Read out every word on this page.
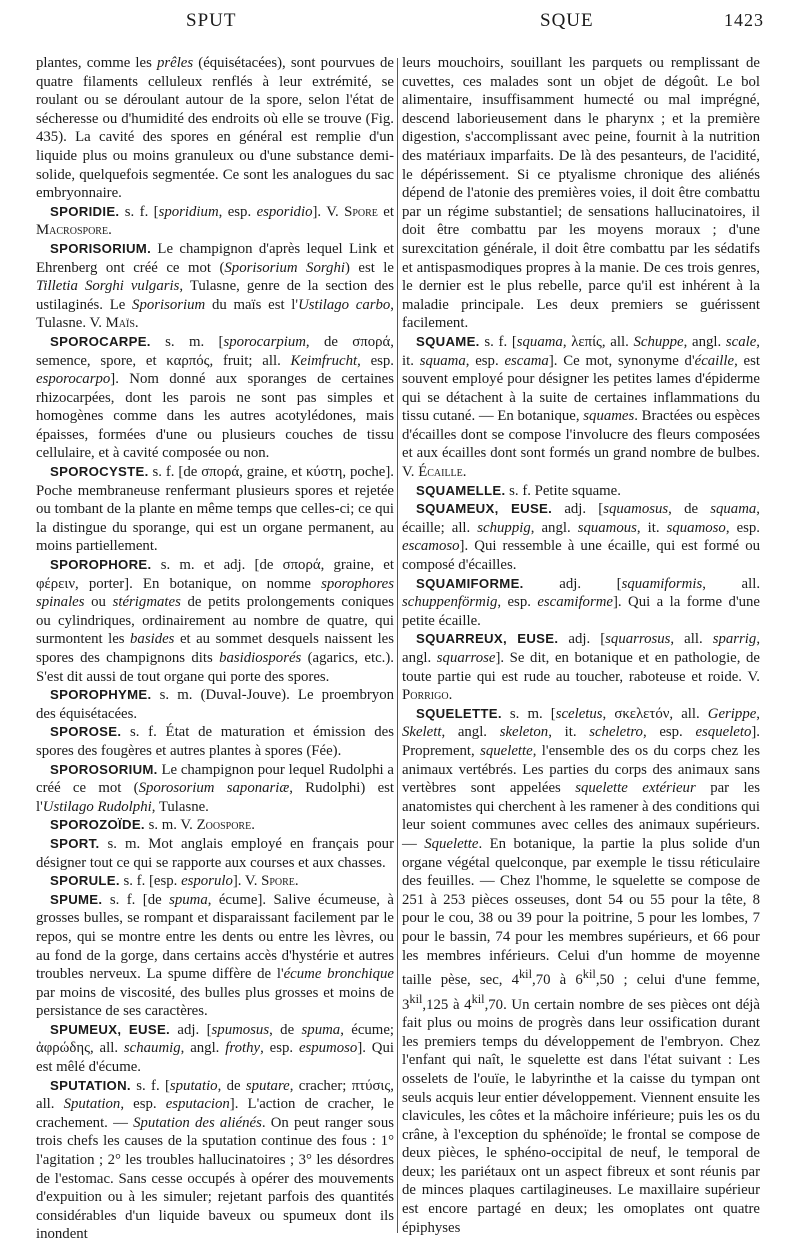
SPUT	SQUE	1423

plantes, comme les prêles (équisétacées), sont pourvues de quatre filaments cellulеux renflés à leur extrémité, se roulant ou se déroulant autour de la spore, selon l'état de sécheresse ou d'humidité des endroits où elle se trouve (Fig. 435). La cavité des spores en général est remplie d'un liquide plus ou moins granuleux ou d'une substance demi-solide, quelquefois segmentée. Ce sont les analogues du sac embryonnaire.

SPORIDIE. s. f. [sporidium, esp. esporidio]. V. Spore et Macrospore.

SPORISORIUM. Le champignon d'après lequel Link et Ehrenberg ont créé ce mot (Sporisorium Sorghi) est le Tilletia Sorghi vulgaris, Tulasne, genre de la section des ustilaginés. Le Sporisorium du maïs est l'Ustilago carbo, Tulasne. V. Maïs.

SPOROCARPE. s. m. [sporocarpium, de σπορά, semence, spore, et καρπός, fruit; all. Keimfrucht, esp. esporocarpo]. Nom donné aux sporanges de certaines rhizocarpées, dont les parois ne sont pas simples et homogènes comme dans les autres acotylédones, mais épaisses, formées d'une ou plusieurs couches de tissu cellulaire, et à cavité composée ou non.

SPOROCYSTE. s. f. [de σπορά, graine, et κύστη, poche]. Poche membraneuse renfermant plusieurs spores et rejetée ou tombant de la plante en même temps que celles-ci; ce qui la distingue du sporange, qui est un organe permanent, au moins partiellement.

SPOROPHORE. s. m. et adj. [de σπορά, graine, et φέρειν, porter]. En botanique, on nomme sporophores spinales ou stérigmates de petits prolongements coniques ou cylindriques, ordinairement au nombre de quatre, qui surmontent les basides et au sommet desquels naissent les spores des champignons dits basidiosporés (agarics, etc.). S'est dit aussi de tout organe qui porte des spores.

SPOROPHYME. s. m. (Duval-Jouve). Le proembryon des équisétacées.

SPOROSE. s. f. État de maturation et émission des spores des fougères et autres plantes à spores (Fée).

SPOROSORIUM. Le champignon pour lequel Rudolphi a créé ce mot (Sporosorium saponariæ, Rudolphi) est l'Ustilago Rudolphi, Tulasne.

SPOROZOÏDE. s. m. V. Zoospore.

SPORT. s. m. Mot anglais employé en français pour désigner tout ce qui se rapporte aux courses et aux chasses.

SPORULE. s. f. [esp. esporulo]. V. Spore.

SPUME. s. f. [de spuma, écume]. Salive écumeuse, à grosses bulles, se rompant et disparaissant facilement par le repos, qui se montre entre les dents ou entre les lèvres, ou au fond de la gorge, dans certains accès d'hystérie et autres troubles nerveux. La spume diffère de l'écume bronchique par moins de viscosité, des bulles plus grosses et moins de persistance de ses caractères.

SPUMEUX, EUSE. adj. [spumosus, de spuma, écume; ἀφρώδης, all. schaumig, angl. frothy, esp. espumoso]. Qui est mêlé d'écume.

SPUTATION. s. f. [sputatio, de sputare, cracher; πτύσις, all. Sputation, esp. esputacion]. L'action de cracher, le crachement. — Sputation des aliénés. On peut ranger sous trois chefs les causes de la sputation continue des fous : 1° l'agitation ; 2° les troubles hallucinatoires ; 3° les désordres de l'estomac. Sans cesse occupés à opérer des mouvements d'expuition ou à les simuler; rejetant parfois des quantités considérables d'un liquide baveux ou spumeux dont ils inondent

leurs mouchoirs, souillant les parquets ou remplissant de cuvettes, ces malades sont un objet de dégoût. Le bol alimentaire, insuffisamment humecté ou mal imprégné, descend laborieusement dans le pharynx ; et la première digestion, s'accomplissant avec peine, fournit à la nutrition des matériaux imparfaits. De là des pesanteurs, de l'acidité, le dépérissement. Si ce ptyalisme chronique des aliénés dépend de l'atonie des premières voies, il doit être combattu par un régime substantiel; de sensations hallucinatoires, il doit être combattu par les moyens moraux ; d'une surexcitation générale, il doit être combattu par les sédatifs et antispasmodiques propres à la manie. De ces trois genres, le dernier est le plus rebelle, parce qu'il est inhérent à la maladie principale. Les deux premiers se guérissent facilement.

SQUAME. s. f. [squama, λεπίς, all. Schuppe, angl. scale, it. squama, esp. escama]. Ce mot, synonyme d'écaille, est souvent employé pour désigner les petites lames d'épiderme qui se détachent à la suite de certaines inflammations du tissu cutané. — En botanique, squames. Bractées ou espèces d'écailles dont se compose l'involucre des fleurs composées et aux écailles dont sont formés un grand nombre de bulbes. V. Écaille.

SQUAMELLE. s. f. Petite squame.

SQUAMEUX, EUSE. adj. [squamosus, de squama, écaille; all. schuppig, angl. squamous, it. squamoso, esp. escamoso]. Qui ressemble à une écaille, qui est formé ou composé d'écailles.

SQUAMIFORME. adj. [squamiformis, all. schuppenförmig, esp. escamiforme]. Qui a la forme d'une petite écaille.

SQUARREUX, EUSE. adj. [squarrosus, all. sparrig, angl. squarrose]. Se dit, en botanique et en pathologie, de toute partie qui est rude au toucher, raboteuse et roide. V. Porrigo.

SQUELETTE. s. m. [sceletus, σκελετόν, all. Gerippe, Skelett, angl. skeleton, it. scheletro, esp. esqueleto]. Proprement, squelette, l'ensemble des os du corps chez les animaux vertébrés. Les parties du corps des animaux sans vertèbres sont appelées squelette extérieur par les anatomistes qui cherchent à les ramener à des conditions qui leur soient communes avec celles des animaux supérieurs. — Squelette. En botanique, la partie la plus solide d'un organe végétal quelconque, par exemple le tissu réticulaire des feuilles. — Chez l'homme, le squelette se compose de 251 à 253 pièces osseuses, dont 54 ou 55 pour la tête, 8 pour le cou, 38 ou 39 pour la poitrine, 5 pour les lombes, 7 pour le bassin, 74 pour les membres supérieurs, et 66 pour les membres inférieurs. Celui d'un homme de moyenne taille pèse, sec, $4^{kil},70$ à $6^{kil},50$ ; celui d'une femme, $3^{kil},125$ à $4^{kil},70$. Un certain nombre de ses pièces ont déjà fait plus ou moins de progrès dans leur ossification durant les premiers temps du développement de l'embryon. Chez l'enfant qui naît, le squelette est dans l'état suivant : Les osselets de l'ouïe, le labyrinthe et la caisse du tympan ont seuls acquis leur entier développement. Viennent ensuite les clavicules, les côtes et la mâchoire inférieure; puis les os du crâne, à l'exception du sphénoïde; le frontal se compose de deux pièces, le sphéno-occipital de neuf, le temporal de deux; les pariétaux ont un aspect fibreux et sont réunis par de minces plaques cartilagineuses. Le maxillaire supérieur est encore partagé en deux; les omoplates ont quatre épiphyses
